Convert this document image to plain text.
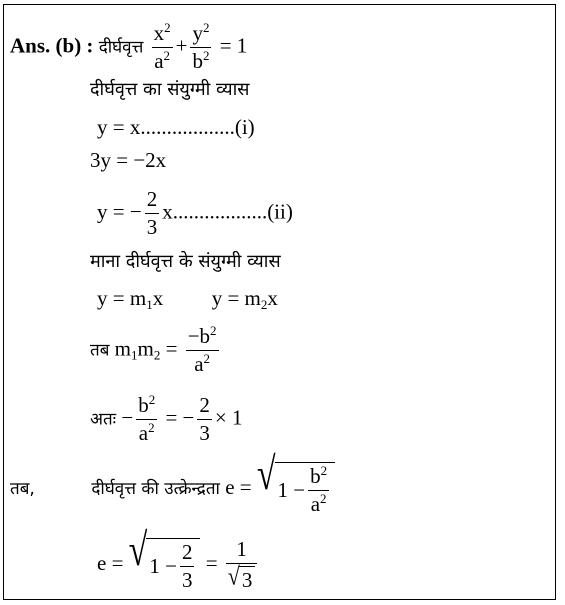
Ans. (b) : दीर्घवृत्त $\frac{x^2}{a^2} + \frac{y^2}{b^2} = 1$
दीर्घवृत्त का संयुग्मी व्यास
y = x..................(i)
3y = −2x
y = − $\frac{2}{3} x..................(ii)$
माना दीर्घवृत्त के संयुग्मी व्यास
$y = m_1x$ $y = m_2x$
तब $m_1m_2 = \frac{-b^2}{a^2}$
अतः − $\frac{b^2}{a^2}$ = − $\frac{2}{3} \times 1$
तब,	दीर्घवृत्त की उत्क्रेन्द्रता e = √ $1 - \frac{b^2}{a^2}$
e = √ $1 - \frac{2}{3} = \frac{1}{√ 3}$
